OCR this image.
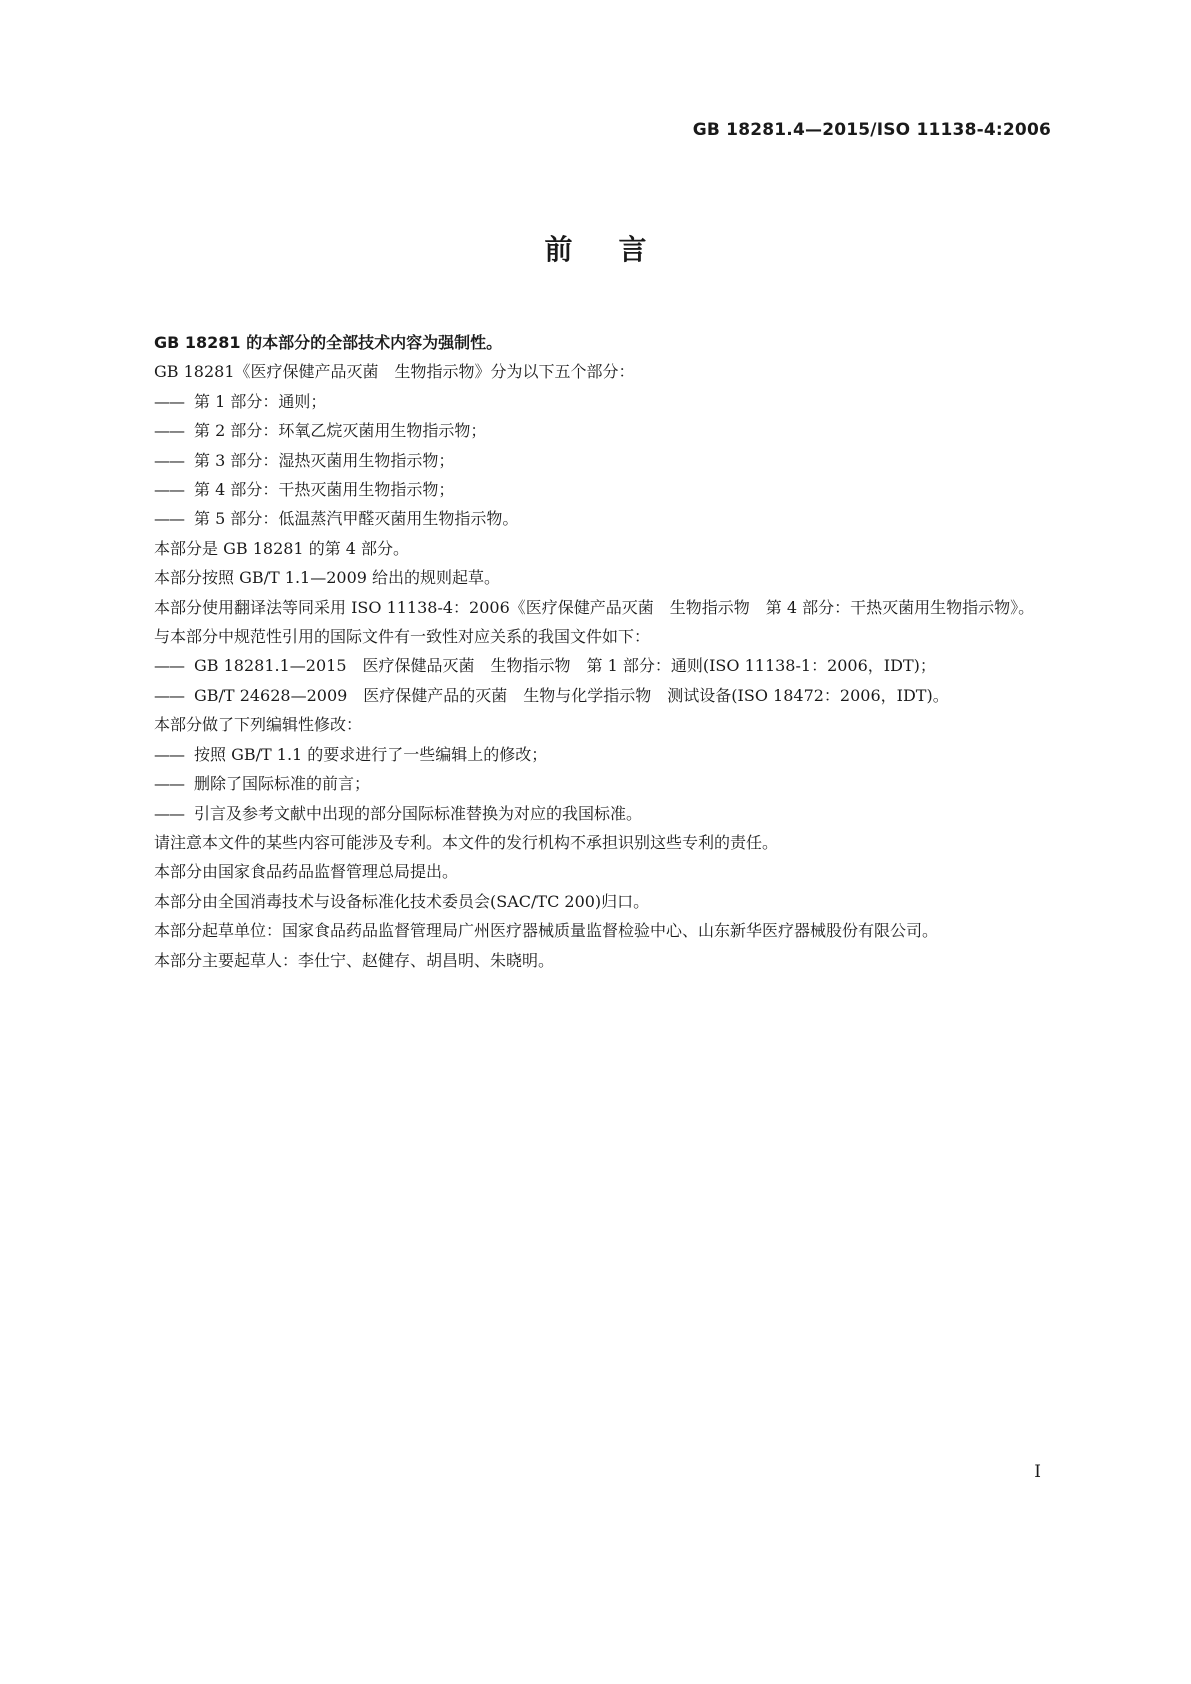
GB 18281.4—2015/ISO 11138-4:2006
前言

GB 18281 的本部分的全部技术内容为强制性。

GB 18281《医疗保健产品灭菌　生物指示物》分为以下五个部分：

—— 第 1 部分：通则；

—— 第 2 部分：环氧乙烷灭菌用生物指示物；

—— 第 3 部分：湿热灭菌用生物指示物；

—— 第 4 部分：干热灭菌用生物指示物；

—— 第 5 部分：低温蒸汽甲醛灭菌用生物指示物。

本部分是 GB 18281 的第 4 部分。

本部分按照 GB/T 1.1—2009 给出的规则起草。

本部分使用翻译法等同采用 ISO 11138-4：2006《医疗保健产品灭菌　生物指示物　第 4 部分：干热灭菌用生物指示物》。

与本部分中规范性引用的国际文件有一致性对应关系的我国文件如下：

—— GB 18281.1—2015　医疗保健品灭菌　生物指示物　第 1 部分：通则(ISO 11138-1：2006，IDT)；

—— GB/T 24628—2009　医疗保健产品的灭菌　生物与化学指示物　测试设备(ISO 18472：2006，IDT)。

本部分做了下列编辑性修改：

—— 按照 GB/T 1.1 的要求进行了一些编辑上的修改；

—— 删除了国际标准的前言；

—— 引言及参考文献中出现的部分国际标准替换为对应的我国标准。

请注意本文件的某些内容可能涉及专利。本文件的发行机构不承担识别这些专利的责任。

本部分由国家食品药品监督管理总局提出。

本部分由全国消毒技术与设备标准化技术委员会(SAC/TC 200)归口。

本部分起草单位：国家食品药品监督管理局广州医疗器械质量监督检验中心、山东新华医疗器械股份有限公司。

本部分主要起草人：李仕宁、赵健存、胡昌明、朱晓明。

I
